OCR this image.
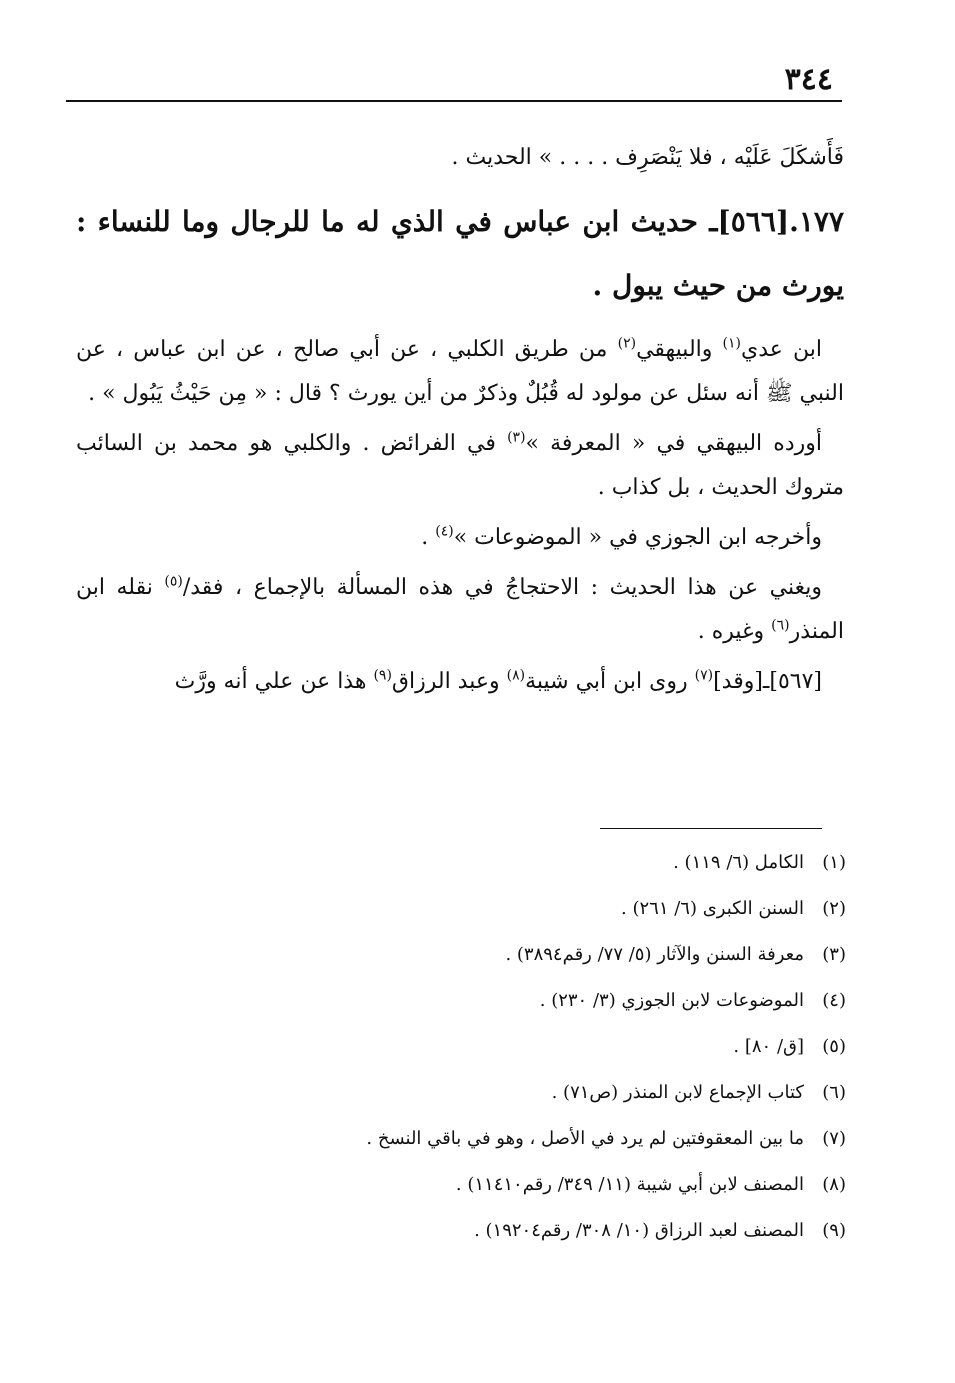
٣٤٤

فَأَشكَلَ عَلَيْه ، فلا يَنْصَرِف . . . . » الحديث .

١٧٧.[٥٦٦]ـ حديث ابن عباس في الذي له ما للرجال وما للنساء : يورث من حيث يبول .

ابن عدي$^{(١)}$ والبيهقي$^{(٢)}$ من طريق الكلبي ، عن أبي صالح ، عن ابن عباس ، عن النبي ﷺ أنه سئل عن مولود له قُبُلٌ وذكرٌ من أين يورث ؟ قال : « مِن حَيْثُ يَبُول » .

أورده البيهقي في « المعرفة »$^{(٣)}$ في الفرائض . والكلبي هو محمد بن السائب متروك الحديث ، بل كذاب .

وأخرجه ابن الجوزي في « الموضوعات »$^{(٤)}$ .

ويغني عن هذا الحديث : الاحتجاجُ في هذه المسألة بالإجماع ، فقد/$^{(٥)}$ نقله ابن المنذر$^{(٦)}$ وغيره .

[٥٦٧]ـ[وقد]$^{(٧)}$ روى ابن أبي شيبة$^{(٨)}$ وعبد الرزاق$^{(٩)}$ هذا عن علي أنه ورَّث

(١)
الكامل (٦/ ١١٩) .
(٢)
السنن الكبرى (٦/ ٢٦١) .
(٣)
معرفة السنن والآثار (٥/ ٧٧/ رقم٣٨٩٤) .
(٤)
الموضوعات لابن الجوزي (٣/ ٢٣٠) .
(٥)
[ق/ ٨٠] .
(٦)
كتاب الإجماع لابن المنذر (ص٧١) .
(٧)
ما بين المعقوفتين لم يرد في الأصل ، وهو في باقي النسخ .
(٨)
المصنف لابن أبي شيبة (١١/ ٣٤٩/ رقم١١٤١٠) .
(٩)
المصنف لعبد الرزاق (١٠/ ٣٠٨/ رقم١٩٢٠٤) .
